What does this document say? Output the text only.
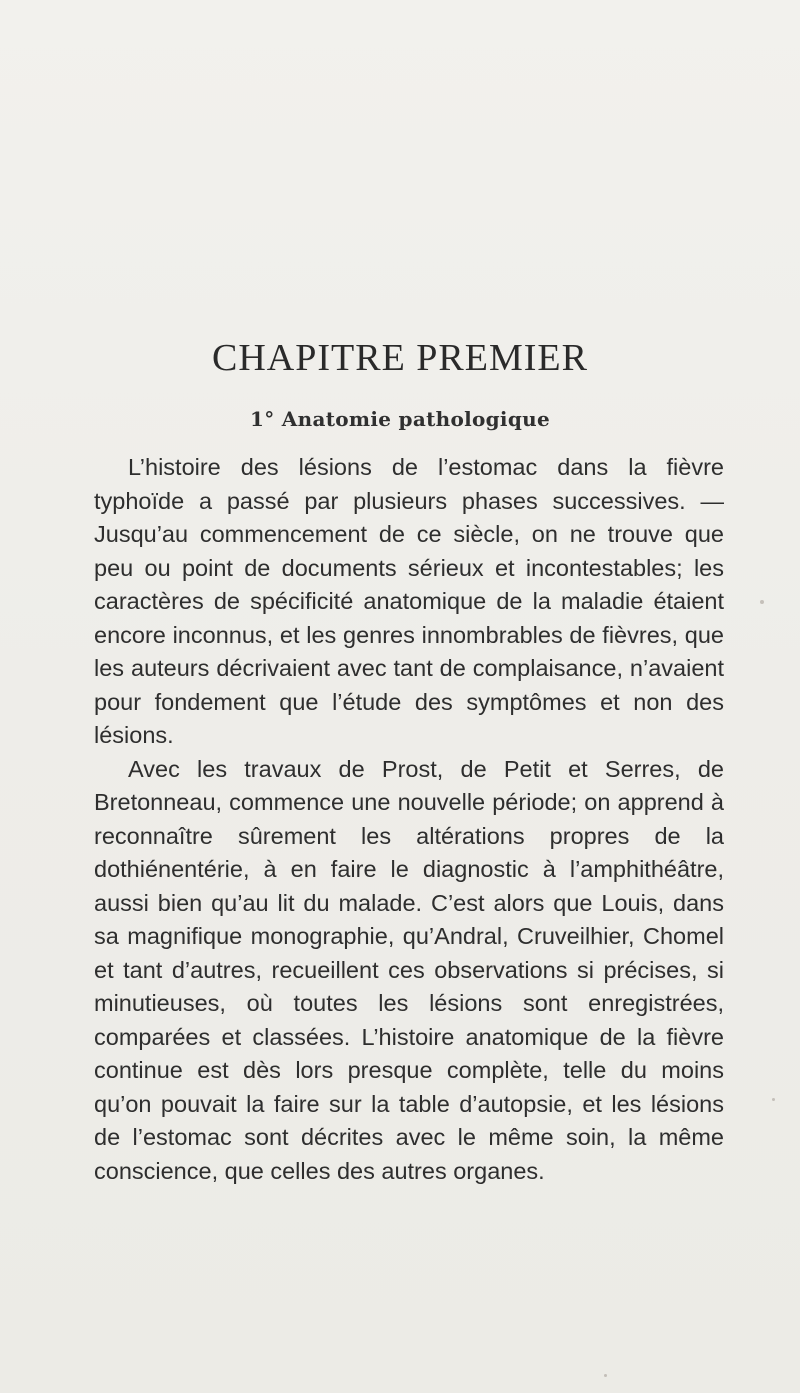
CHAPITRE PREMIER
1° Anatomie pathologique

L’histoire des lésions de l’estomac dans la fièvre typhoïde a passé par plusieurs phases successives. — Jusqu’au commencement de ce siècle, on ne trouve que peu ou point de documents sérieux et incontestables; les caractères de spécificité anatomique de la maladie étaient encore inconnus, et les genres innombrables de fièvres, que les auteurs décrivaient avec tant de complaisance, n’avaient pour fondement que l’étude des symptômes et non des lésions.

Avec les travaux de Prost, de Petit et Serres, de Bretonneau, commence une nouvelle période; on apprend à reconnaître sûrement les altérations propres de la dothiénentérie, à en faire le diagnostic à l’amphithéâtre, aussi bien qu’au lit du malade. C’est alors que Louis, dans sa magnifique monographie, qu’Andral, Cruveilhier, Chomel et tant d’autres, recueillent ces observations si précises, si minutieuses, où toutes les lésions sont enregistrées, comparées et classées. L’histoire anatomique de la fièvre continue est dès lors presque complète, telle du moins qu’on pouvait la faire sur la table d’autopsie, et les lésions de l’estomac sont décrites avec le même soin, la même conscience, que celles des autres organes.
